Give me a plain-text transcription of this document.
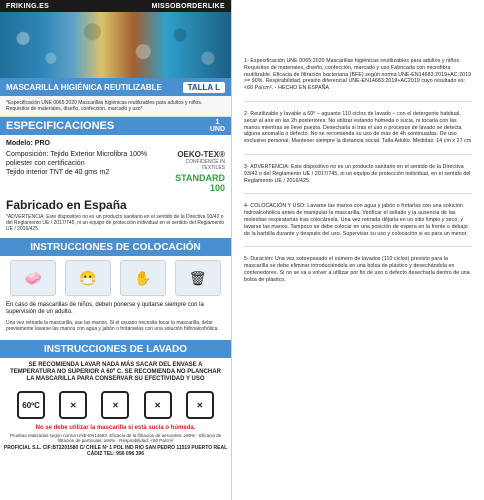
FRIKING.ES	MISSOBORDERLIKE
MASCARILLA HIGIÉNICA REUTILIZABLE	TALLA L
*Especificación UNE 0065:2020 Mascarillas higiénicas reutilizables para adultos y niños. Requisitos de materiales, diseño, confección, marcado y uso*
ESPECIFICACIONES	1
UND
Modelo: PRO
Composición: Tejido Exterior Microfibra 100% poliester con certificación
Tejido interior TNT de 40 gms m2
OEKO-TEX®
CONFIDENCE IN TEXTILES
STANDARD 100
Fabricado en España
*ADVERTENCIA: Este dispositivo no es un producto sanitario en el sentido de la Directiva 93/42 o del Reglamento UE / 2017/745, ni un equipo de protección individual en el sentido del Reglamento UE / 2016/425.
INSTRUCCIONES DE COLOCACIÓN
🧼	😷	✋	🗑
En caso de mascarillas de niños, deben ponerse y quitarse siempre con la supervisión de un adulto.
Una vez retirada la mascarilla, use las manos. Si el usuario necesita tocar la mascarilla, debe previamente lavarse las manos con agua y jabón o frotárselas con una solución hidroalcohólica.
INSTRUCCIONES DE LAVADO
SE RECOMIENDA LAVAR NADA MÁS SACAR DEL ENVASE A TEMPERATURA NO SUPERIOR A 60º C. SE RECOMIENDA NO PLANCHAR LA MASCARILLA PARA CONSERVAR SU EFECTIVIDAD Y USO
60ºC	✕	✕	✕	✕
No se debe utilizar la mascarilla si está sucia o húmeda.
Pruebas realizadas según norma UNE-EN14683. Eficacia de la filtración de aerosoles: ≥90% · Eficacia de filtración de partículas: ≥94% · Respirabilidad: <60 Pa/cm²
PROFICIAL S.L. CIF:B72201580 C/ CHILE Nº 1 POL IND RIO SAN PEDRO 11519 PUERTO REAL CÁDIZ TEL: 956 096 396

1- Especificación UNE 0065:2020 Mascarillas higiénicas reutilizables para adultos y niños. Requisitos de materiales, diseño, confección, marcado y uso Fabricada con microfibra reutilizable. Eficacia de filtración bacteriana (BFE) según norma UNE-EN14683:2019+AC:2019 >= 90%. Respirabilidad, presión diferencial UNE-EN14683:2019+AC2019 cuyo resultado es: <60 Pa/cm². - HECHO EN ESPAÑA

2- Reutilizable y lavable a 60º – aguante 110 ciclos de lavado – con el detergente habitual, secar al aire en las 2h posteriores. No utilizar estando húmeda o sucia, ni tocarla con las manos mientras se lleve puesta. Desecharla si tras el uso o procesos de lavado se detecta alguna anomalía o defecto. No se recomienda su uso de más de 4h continuadas. De uso exclusivo personal. Mantener siempre la distancia social. Talla Adulto. Medidas: 14 cm x 27 cm

3- ADVERTENCIA: Este dispositivo no es un producto sanitario en el sentido de la Directiva 93/42 o del Reglamento UE / 2017/745, ni un equipo de protección individual, en el sentido del Reglamento UE / 2016/425.

4- COLOCACIÓN Y USO: Lavarse las manos con agua y jabón o frotarlas con una solución hidroalcohólica antes de manipular la mascarilla. Verificar el sellado y la ausencia de las molestias respiratorias tras colocársela. Una vez retirada déjarla en un sitio limpio y seco, y lavarse las manos. Tampoco se debe colocar en una posición de espera en la frente o debajo de la barbilla durante y después del uso. Supervisar su uso y colocación si es para un menor.

5- Duración: Una vez sobrepasado el número de lavados (110 ciclos) previsto para la mascarilla se debe eliminar introduciéndola en una bolsa de plástico y desechándola en contenedores. Si no se va a volver a utilizar por fin de uso o defecto desecharla dentro de una bolsa de plástico.
